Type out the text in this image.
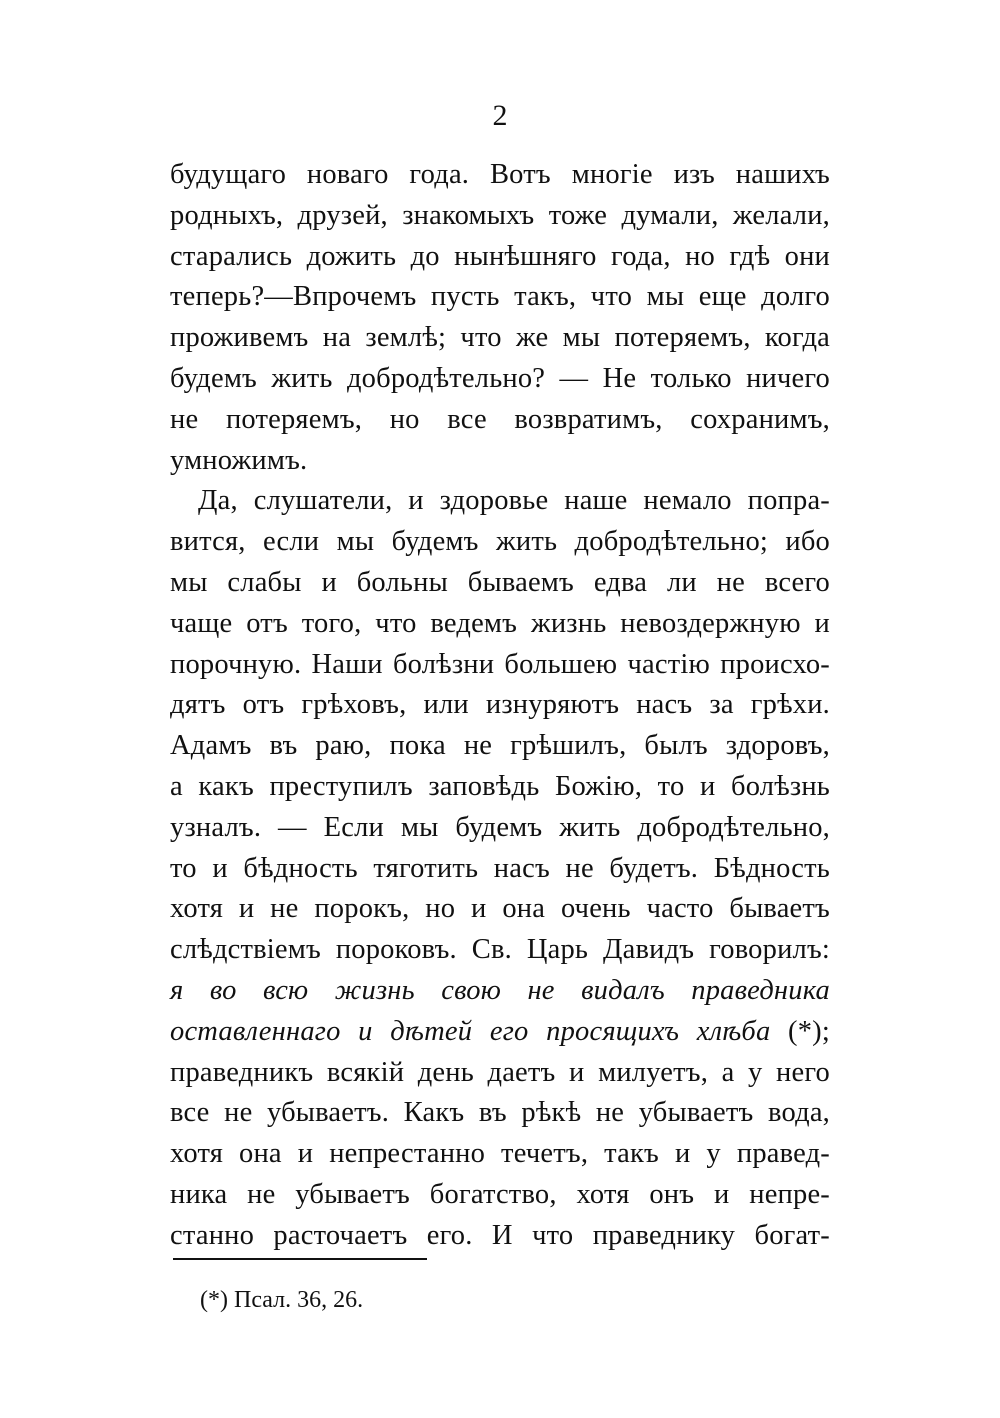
2
будущаго новаго года. Вотъ многiе изъ нашихъ
родныхъ, друзей, знакомыхъ тоже думали, желали,
старались дожить до нынѣшняго года, но гдѣ они
теперь?—Впрочемъ пусть такъ, что мы еще долго
проживемъ на землѣ; что же мы потеряемъ, когда
будемъ жить добродѣтельно? — Не только ничего
не потеряемъ, но все возвратимъ, сохранимъ,
умножимъ.
Да, слушатели, и здоровье наше немало попра-
вится, если мы будемъ жить добродѣтельно; ибо
мы слабы и больны бываемъ едва ли не всего
чаще отъ того, что ведемъ жизнь невоздержную и
порочную. Наши болѣзни большею частiю происхо-
дятъ отъ грѣховъ, или изнуряютъ насъ за грѣхи.
Адамъ въ раю, пока не грѣшилъ, былъ здоровъ,
а какъ преступилъ заповѣдь Божiю, то и болѣзнь
узналъ. — Если мы будемъ жить добродѣтельно,
то и бѣдность тяготить насъ не будетъ. Бѣдность
хотя и не порокъ, но и она очень часто бываетъ
слѣдствiемъ пороковъ. Св. Царь Давидъ говорилъ:
я во всю жизнь свою не видалъ праведника
оставленнаго и дѣтей его просящихъ хлѣба (*);
праведникъ всякiй день даетъ и милуетъ, а у него
все не убываетъ. Какъ въ рѣкѣ не убываетъ вода,
хотя она и непрестанно течетъ, такъ и у правед-
ника не убываетъ богатство, хотя онъ и непре-
станно расточаетъ его. И что праведнику богат-
(*) Псал. 36, 26.
